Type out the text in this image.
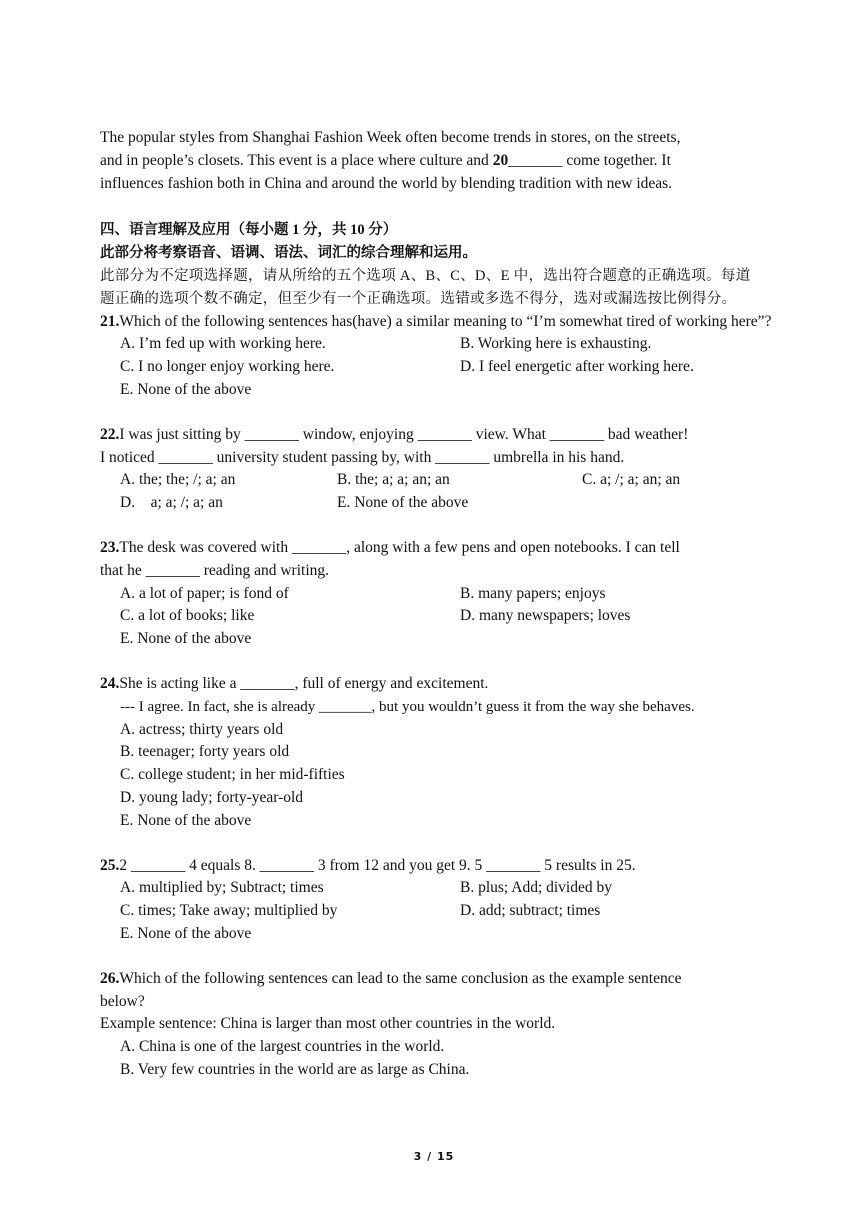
The popular styles from Shanghai Fashion Week often become trends in stores, on the streets,
and in people’s closets. This event is a place where culture and 20_______ come together. It
influences fashion both in China and around the world by blending tradition with new ideas.
四、语言理解及应用（每小题 1 分，共 10 分）
此部分将考察语音、语调、语法、词汇的综合理解和运用。
此部分为不定项选择题，请从所给的五个选项 A、B、C、D、E 中，选出符合题意的正确选项。每道
题正确的选项个数不确定，但至少有一个正确选项。选错或多选不得分，选对或漏选按比例得分。
21.Which of the following sentences has(have) a similar meaning to “I’m somewhat tired of working here”?
A. I’m fed up with working here.	B. Working here is exhausting.
C. I no longer enjoy working here.	D. I feel energetic after working here.
E. None of the above
22.I was just sitting by _______ window, enjoying _______ view. What _______ bad weather!
I noticed _______ university student passing by, with _______ umbrella in his hand.
A. the; the; /; a; an	B. the; a; a; an; an	C. a; /; a; an; an
D.    a; a; /; a; an	E. None of the above
23.The desk was covered with _______, along with a few pens and open notebooks. I can tell
that he _______ reading and writing.
A. a lot of paper; is fond of	B. many papers; enjoys
C. a lot of books; like	D. many newspapers; loves
E. None of the above
24.She is acting like a _______, full of energy and excitement.
--- I agree. In fact, she is already _______, but you wouldn’t guess it from the way she behaves.
A. actress; thirty years old
B. teenager; forty years old
C. college student; in her mid-fifties
D. young lady; forty-year-old
E. None of the above
25.2 _______ 4 equals 8. _______ 3 from 12 and you get 9. 5 _______ 5 results in 25.
A. multiplied by; Subtract; times	B. plus; Add; divided by
C. times; Take away; multiplied by	D. add; subtract; times
E. None of the above
26.Which of the following sentences can lead to the same conclusion as the example sentence
below?
Example sentence: China is larger than most other countries in the world.
A. China is one of the largest countries in the world.
B. Very few countries in the world are as large as China.
3 / 15
